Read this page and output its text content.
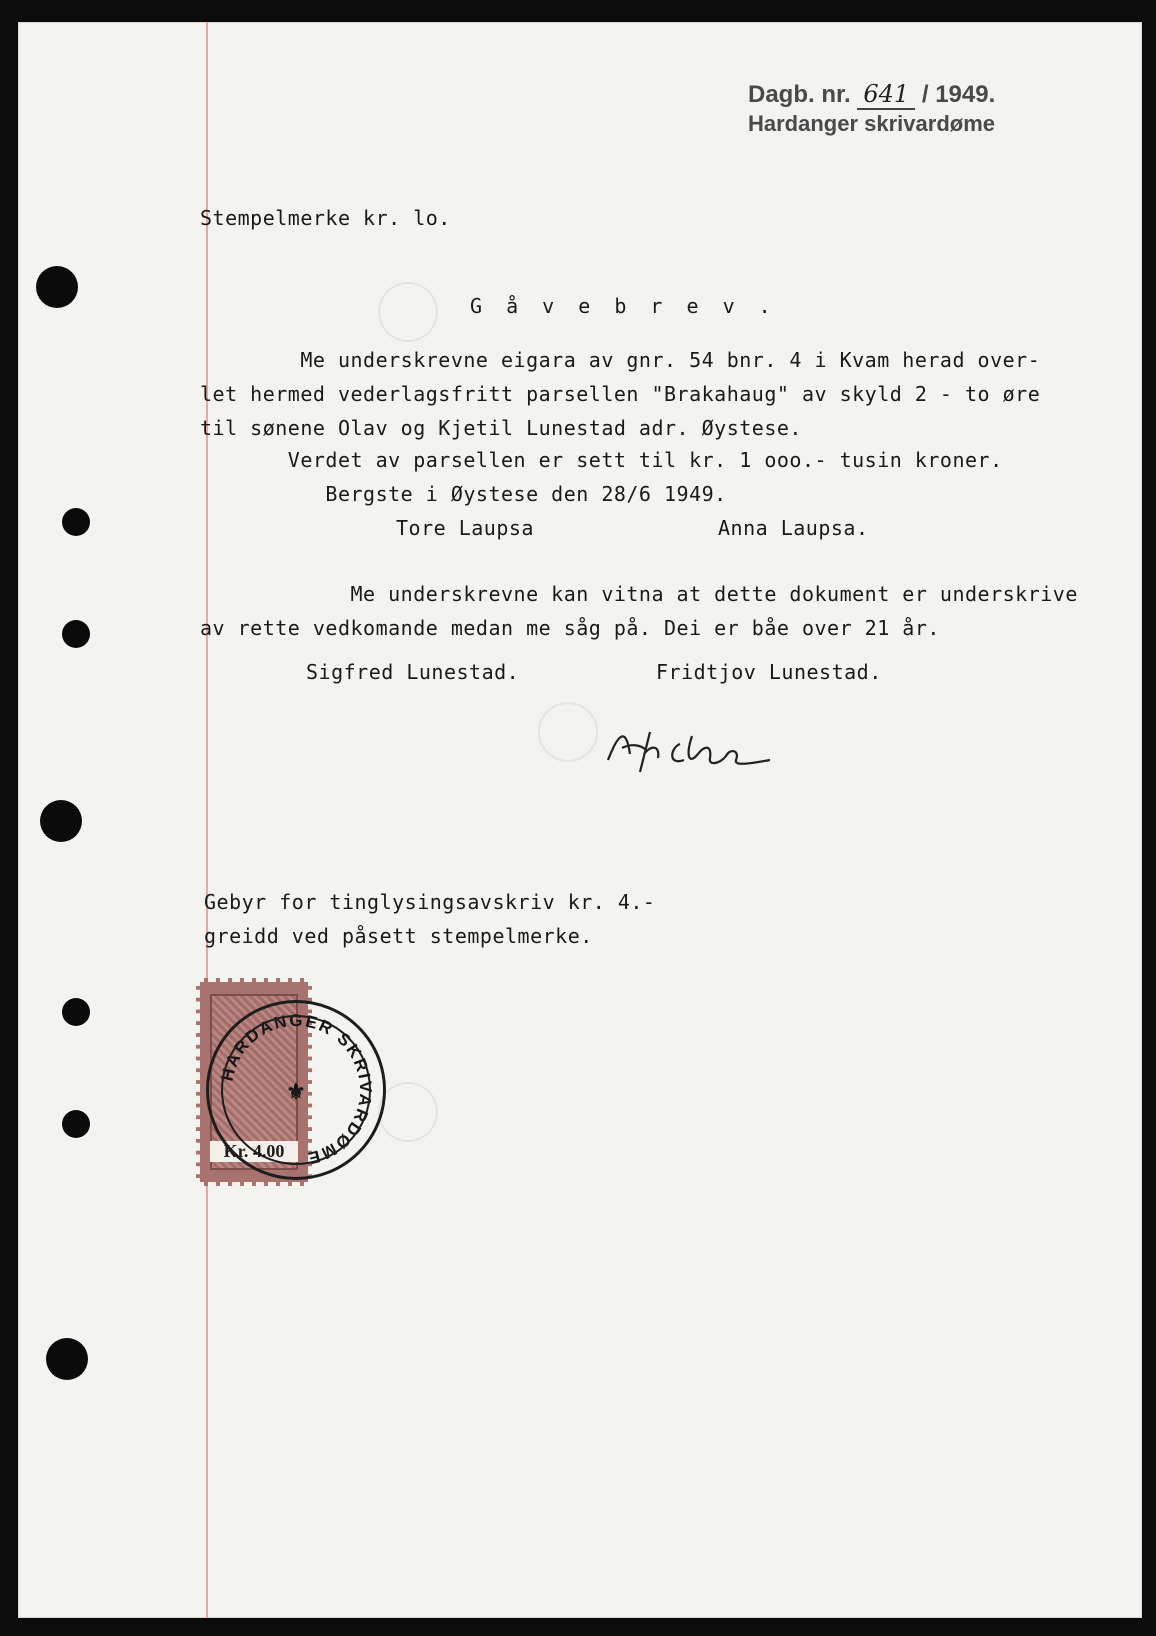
Dagb. nr. 641 / 1949.
Hardanger skrivardøme
Stempelmerke kr. lo.
G å v e b r e v .
Me underskrevne eigara av gnr. 54 bnr. 4 i Kvam herad over-
let hermed vederlagsfritt parsellen "Brakahaug" av skyld 2 - to øre
til sønene Olav og Kjetil Lunestad adr. Øystese.
Verdet av parsellen er sett til kr. 1 ooo.- tusin kroner.
Bergste i Øystese den 28/6 1949.
Tore Laupsa	Anna Laupsa.
Me underskrevne kan vitna at dette dokument er underskrive
av rette vedkomande medan me såg på. Dei er båe over 21 år.
Sigfred Lunestad.	Fridtjov Lunestad.
Gebyr for tinglysingsavskriv kr. 4.-
greidd ved påsett stempelmerke.
Kr. 4.00
HARDANGER SKRIVARDØME
⚜
